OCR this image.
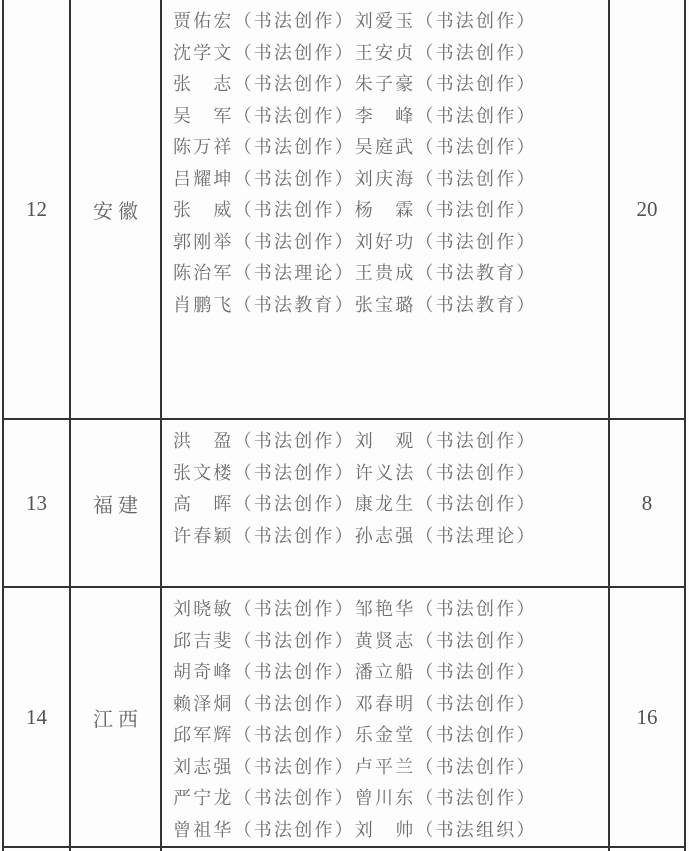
12	安徽	
贾佑宏（书法创作）刘爱玉（书法创作）
沈学文（书法创作）王安贞（书法创作）
张　志（书法创作）朱子豪（书法创作）
吴　军（书法创作）李　峰（书法创作）
陈万祥（书法创作）吴庭武（书法创作）
吕耀坤（书法创作）刘庆海（书法创作）
张　威（书法创作）杨　霖（书法创作）
郭刚举（书法创作）刘好功（书法创作）
陈治军（书法理论）王贵成（书法教育）
肖鹏飞（书法教育）张宝璐（书法教育）
	20
13	福建	洪　盈（书法创作）刘　观（书法创作）
张文楼（书法创作）许义法（书法创作）
高　晖（书法创作）康龙生（书法创作）
许春颖（书法创作）孙志强（书法理论）	8
14	江西	
刘晓敏（书法创作）邹艳华（书法创作）
邱吉斐（书法创作）黄贤志（书法创作）
胡奇峰（书法创作）潘立船（书法创作）
赖泽烔（书法创作）邓春明（书法创作）
邱军辉（书法创作）乐金堂（书法创作）
刘志强（书法创作）卢平兰（书法创作）
严宁龙（书法创作）曾川东（书法创作）
曾祖华（书法创作）刘　帅（书法组织）
	16
